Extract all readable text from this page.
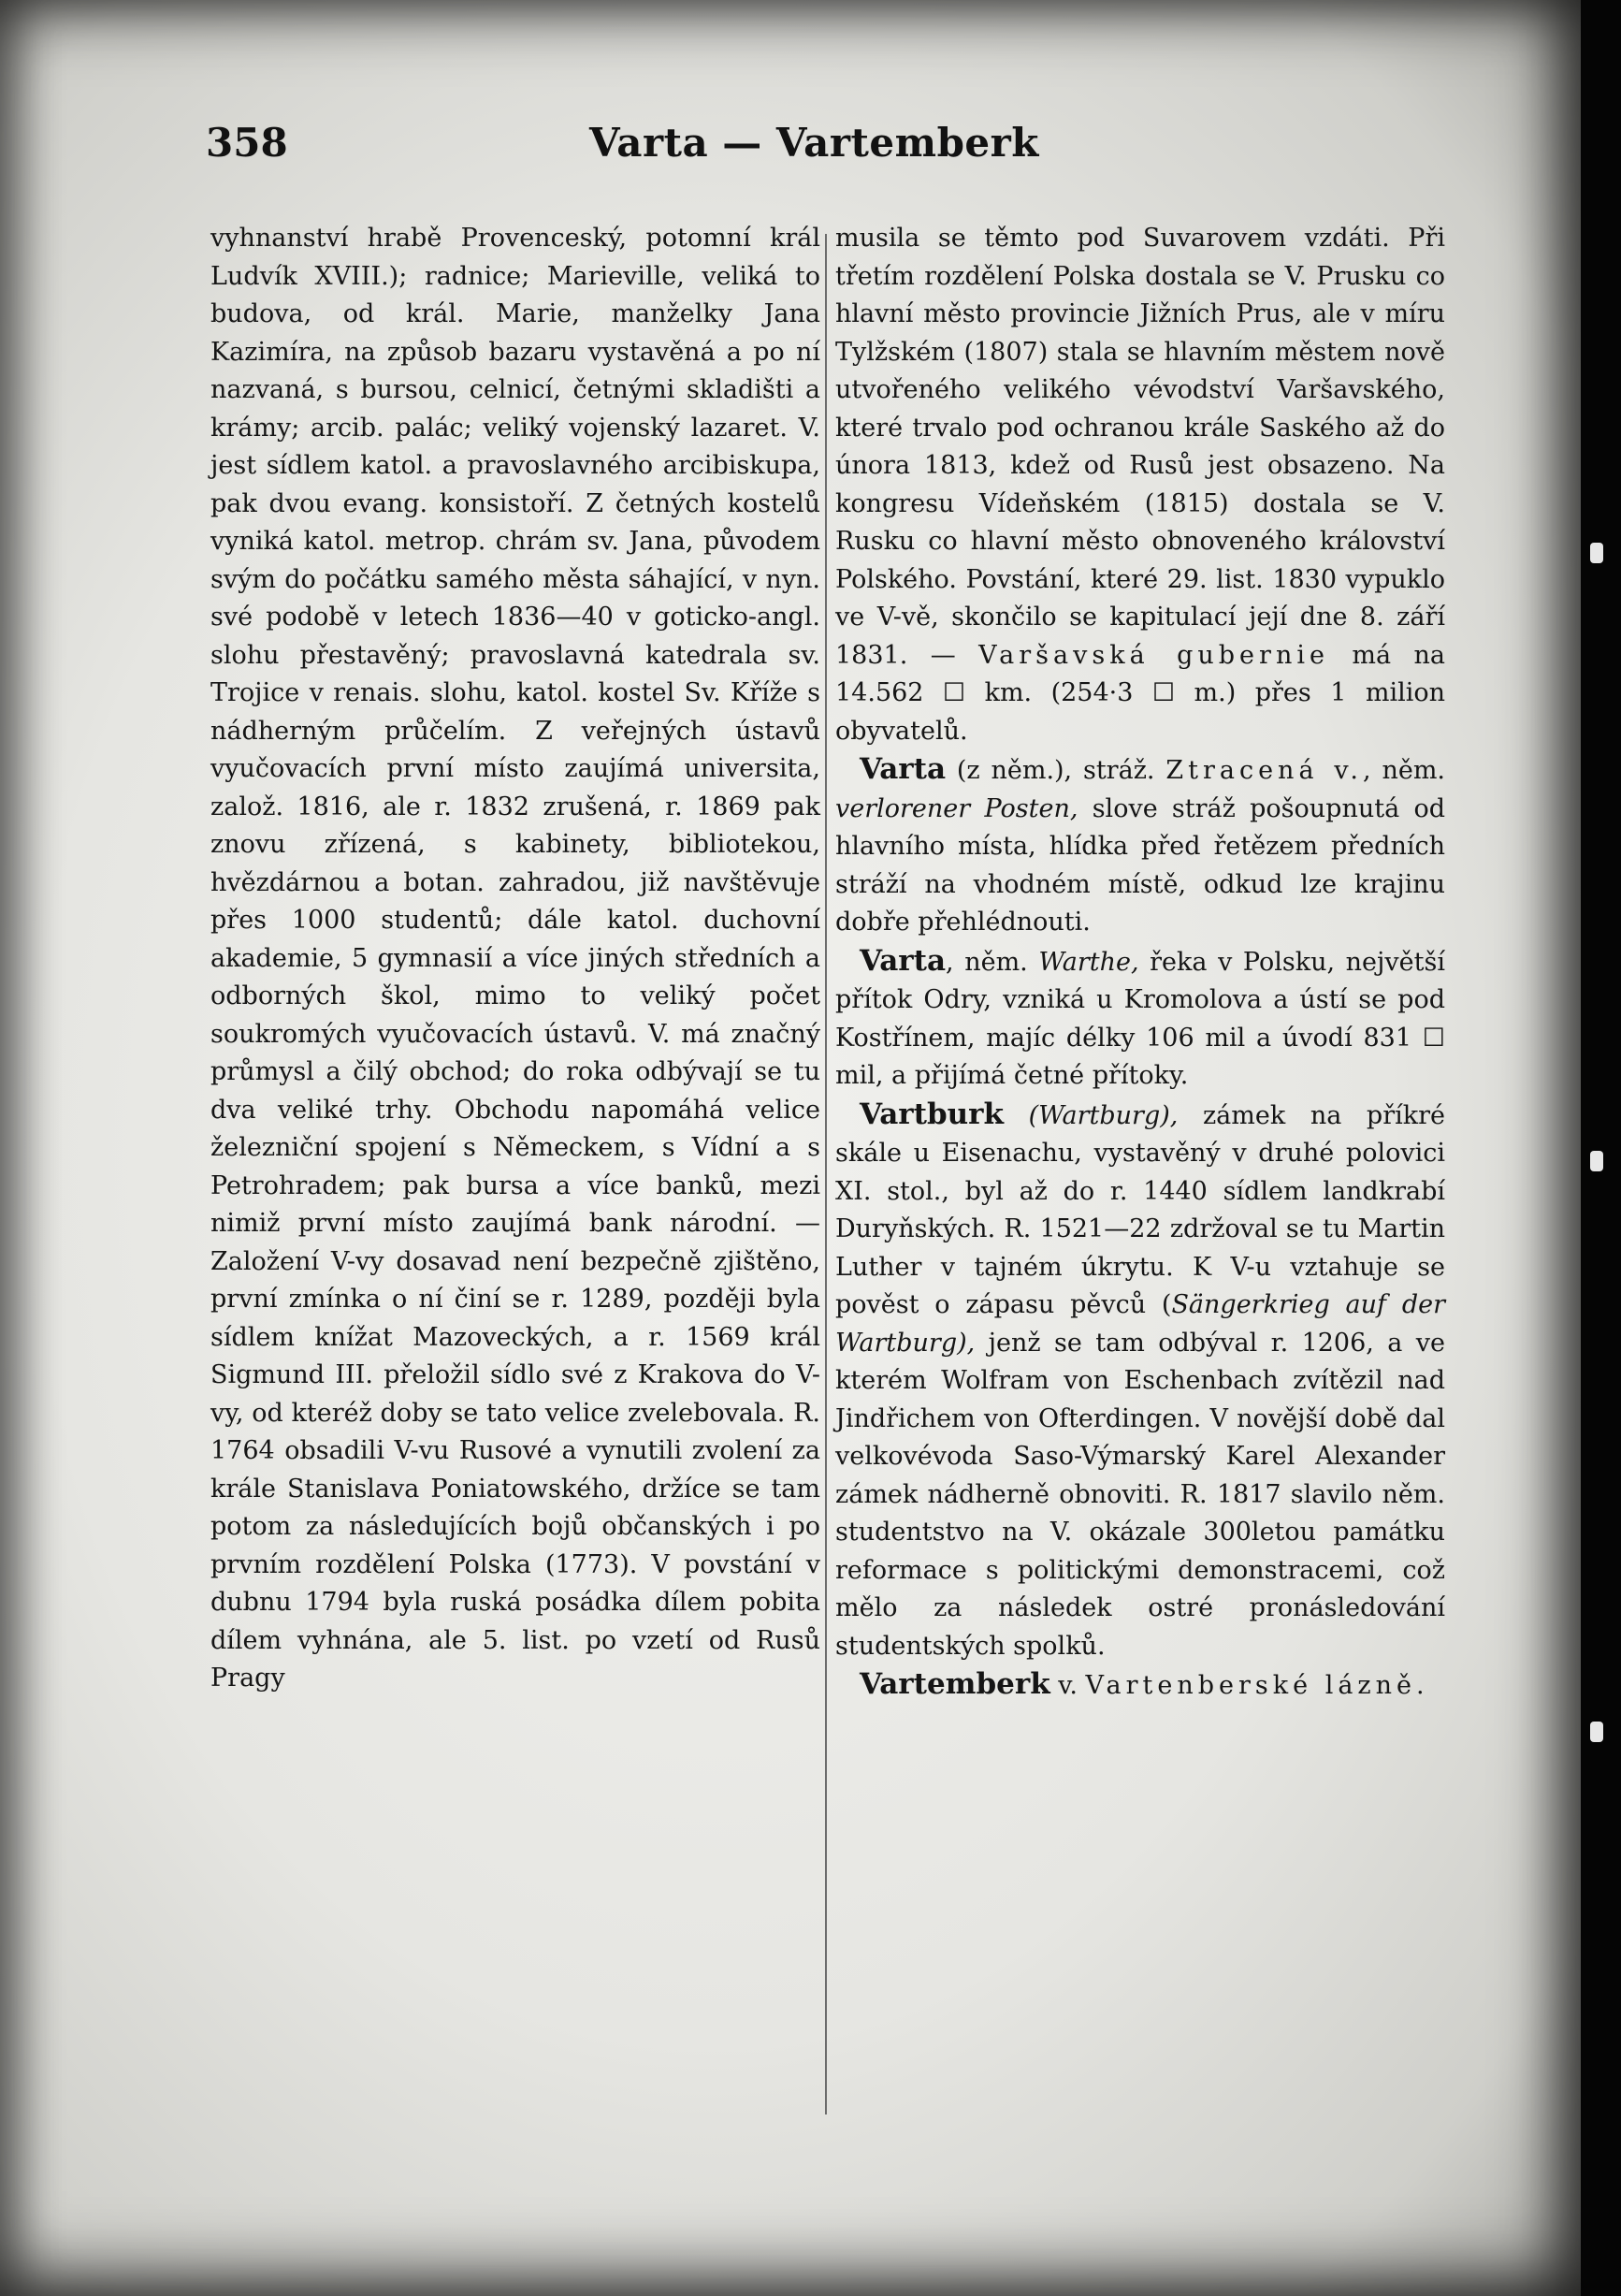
358	Varta — Vartemberk

vyhnanství hrabě Provenceský, potomní král Ludvík XVIII.); radnice; Marieville, veliká to budova, od král. Marie, manželky Jana Kazimíra, na způsob bazaru vystavěná a po ní nazvaná, s bursou, celnicí, četnými skladišti a krámy; arcib. palác; veliký vojenský lazaret. V. jest sídlem katol. a pravoslavného arcibiskupa, pak dvou evang. konsistoří. Z četných kostelů vyniká katol. metrop. chrám sv. Jana, původem svým do počátku samého města sáhající, v nyn. své podobě v letech 1836—40 v goticko-angl. slohu přestavěný; pravoslavná katedrala sv. Trojice v renais. slohu, katol. kostel Sv. Kříže s nádherným průčelím. Z veřejných ústavů vyučovacích první místo zaujímá universita, založ. 1816, ale r. 1832 zrušená, r. 1869 pak znovu zřízená, s kabinety, bibliotekou, hvězdárnou a botan. zahradou, již navštěvuje přes 1000 studentů; dále katol. duchovní akademie, 5 gymnasií a více jiných středních a odborných škol, mimo to veliký počet soukromých vyučovacích ústavů. V. má značný průmysl a čilý obchod; do roka odbývají se tu dva veliké trhy. Obchodu napomáhá velice železniční spojení s Německem, s Vídní a s Petrohradem; pak bursa a více banků, mezi nimiž první místo zaujímá bank národní. — Založení V-vy dosavad není bezpečně zjištěno, první zmínka o ní činí se r. 1289, později byla sídlem knížat Mazoveckých, a r. 1569 král Sigmund III. přeložil sídlo své z Krakova do V-vy, od kteréž doby se tato velice zvelebovala. R. 1764 obsadili V-vu Rusové a vynutili zvolení za krále Stanislava Poniatowského, držíce se tam potom za následujících bojů občanských i po prvním rozdělení Polska (1773). V povstání v dubnu 1794 byla ruská posádka dílem pobita dílem vyhnána, ale 5. list. po vzetí od Rusů Pragy

musila se těmto pod Suvarovem vzdáti. Při třetím rozdělení Polska dostala se V. Prusku co hlavní město provincie Jižních Prus, ale v míru Tylžském (1807) stala se hlavním městem nově utvořeného velikého vévodství Varšavského, které trvalo pod ochranou krále Saského až do února 1813, kdež od Rusů jest obsazeno. Na kongresu Vídeňském (1815) dostala se V. Rusku co hlavní město obnoveného království Polského. Povstání, které 29. list. 1830 vypuklo ve V-vě, skončilo se kapitulací její dne 8. září 1831. — Varšavská gubernie má na 14.562 ☐ km. (254·3 ☐ m.) přes 1 milion obyvatelů.

Varta (z něm.), stráž. Ztracená v., něm. verlorener Posten, slove stráž pošoupnutá od hlavního místa, hlídka před řetězem předních stráží na vhodném místě, odkud lze krajinu dobře přehlédnouti.

Varta, něm. Warthe, řeka v Polsku, největší přítok Odry, vzniká u Kromolova a ústí se pod Kostřínem, majíc délky 106 mil a úvodí 831 ☐ mil, a přijímá četné přítoky.

Vartburk (Wartburg), zámek na příkré skále u Eisenachu, vystavěný v druhé polovici XI. stol., byl až do r. 1440 sídlem landkrabí Duryňských. R. 1521—22 zdržoval se tu Martin Luther v tajném úkrytu. K V-u vztahuje se pověst o zápasu pěvců (Sängerkrieg auf der Wartburg), jenž se tam odbýval r. 1206, a ve kterém Wolfram von Eschenbach zvítězil nad Jindřichem von Ofterdingen. V novější době dal velkovévoda Saso-Výmarský Karel Alexander zámek nádherně obnoviti. R. 1817 slavilo něm. studentstvo na V. okázale 300letou památku reformace s politickými demonstracemi, což mělo za následek ostré pronásledování studentských spolků.

Vartemberk v. Vartenberské lázně.
